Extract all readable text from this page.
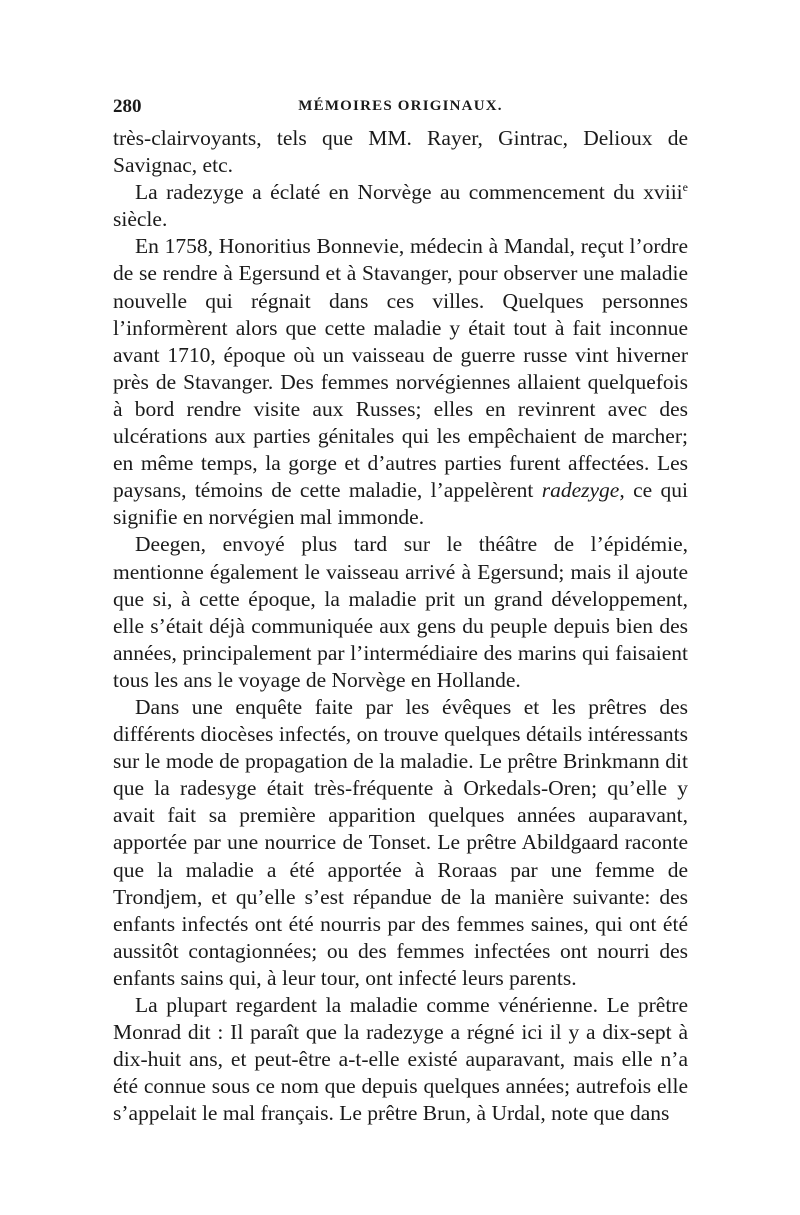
280	MÉMOIRES ORIGINAUX.

très-clairvoyants, tels que MM. Rayer, Gintrac, Delioux de Savignac, etc.

La radezyge a éclaté en Norvège au commencement du xviii$^e$ siècle.

En 1758, Honoritius Bonnevie, médecin à Mandal, reçut l’ordre de se rendre à Egersund et à Stavanger, pour observer une maladie nouvelle qui régnait dans ces villes. Quelques personnes l’informèrent alors que cette maladie y était tout à fait inconnue avant 1710, époque où un vaisseau de guerre russe vint hiverner près de Stavanger. Des femmes norvégiennes allaient quelquefois à bord rendre visite aux Russes; elles en revinrent avec des ulcérations aux parties génitales qui les empêchaient de marcher; en même temps, la gorge et d’autres parties furent affectées. Les paysans, témoins de cette maladie, l’appelèrent radezyge, ce qui signifie en norvégien mal immonde.

Deegen, envoyé plus tard sur le théâtre de l’épidémie, mentionne également le vaisseau arrivé à Egersund; mais il ajoute que si, à cette époque, la maladie prit un grand développement, elle s’était déjà communiquée aux gens du peuple depuis bien des années, principalement par l’intermédiaire des marins qui faisaient tous les ans le voyage de Norvège en Hollande.

Dans une enquête faite par les évêques et les prêtres des différents diocèses infectés, on trouve quelques détails intéressants sur le mode de propagation de la maladie. Le prêtre Brinkmann dit que la radesyge était très-fréquente à Orkedals-Oren; qu’elle y avait fait sa première apparition quelques années auparavant, apportée par une nourrice de Tonset. Le prêtre Abildgaard raconte que la maladie a été apportée à Roraas par une femme de Trondjem, et qu’elle s’est répandue de la manière suivante: des enfants infectés ont été nourris par des femmes saines, qui ont été aussitôt contagionnées; ou des femmes infectées ont nourri des enfants sains qui, à leur tour, ont infecté leurs parents.

La plupart regardent la maladie comme vénérienne. Le prêtre Monrad dit : Il paraît que la radezyge a régné ici il y a dix-sept à dix-huit ans, et peut-être a-t-elle existé auparavant, mais elle n’a été connue sous ce nom que depuis quelques années; autrefois elle s’appelait le mal français. Le prêtre Brun, à Urdal, note que dans
